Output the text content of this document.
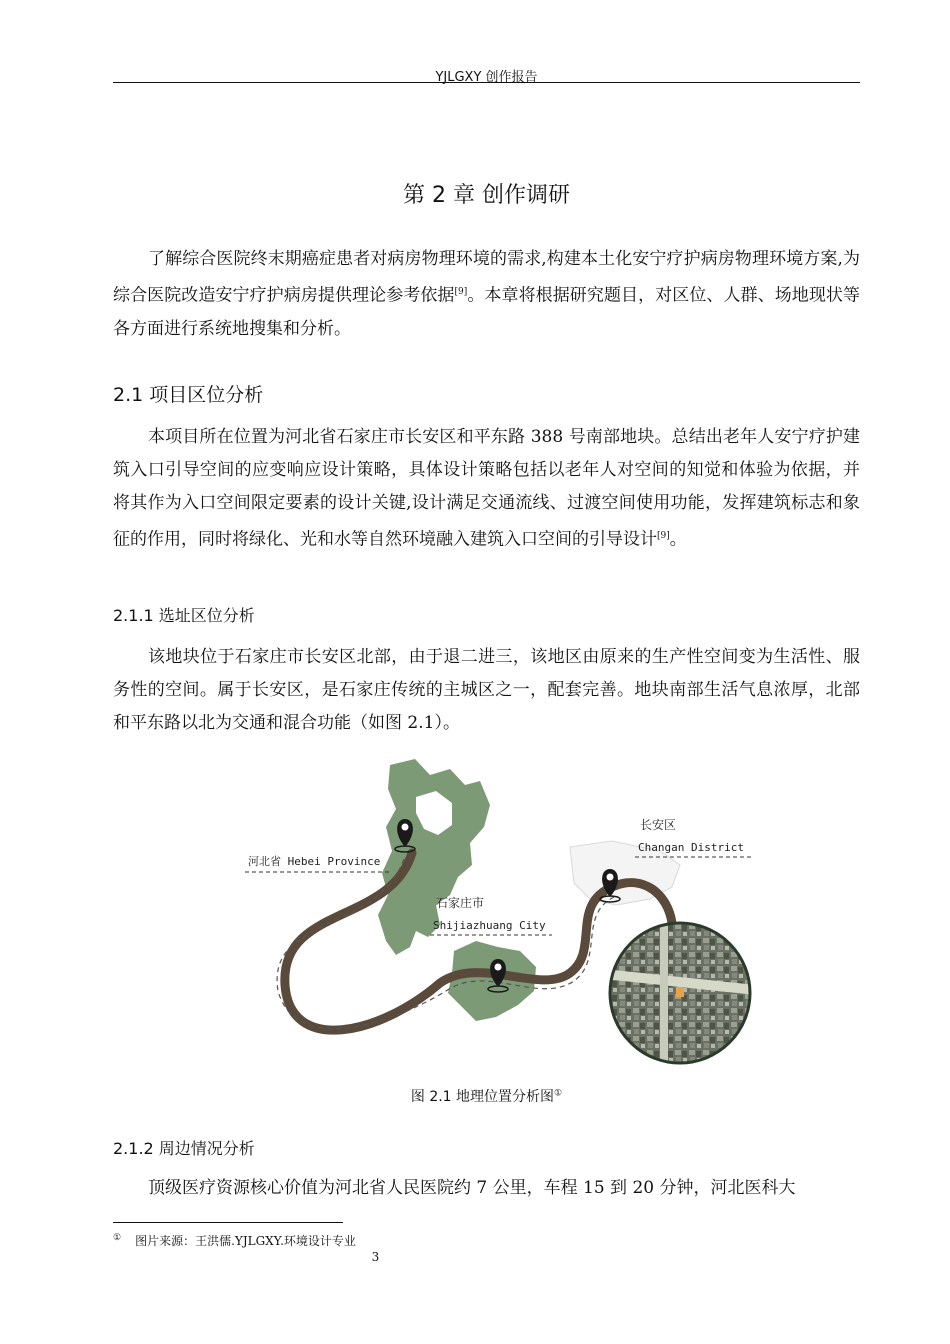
YJLGXY 创作报告
第 2 章 创作调研

了解综合医院终末期癌症患者对病房物理环境的需求,构建本土化安宁疗护病房物理环境方案,为综合医院改造安宁疗护病房提供理论参考依据[9]。本章将根据研究题目，对区位、人群、场地现状等各方面进行系统地搜集和分析。

2.1 项目区位分析

本项目所在位置为河北省石家庄市长安区和平东路 388 号南部地块。总结出老年人安宁疗护建筑入口引导空间的应变响应设计策略，具体设计策略包括以老年人对空间的知觉和体验为依据，并将其作为入口空间限定要素的设计关键,设计满足交通流线、过渡空间使用功能，发挥建筑标志和象征的作用，同时将绿化、光和水等自然环境融入建筑入口空间的引导设计[9]。

2.1.1 选址区位分析

该地块位于石家庄市长安区北部，由于退二进三，该地区由原来的生产性空间变为生活性、服务性的空间。属于长安区，是石家庄传统的主城区之一，配套完善。地块南部生活气息浓厚，北部和平东路以北为交通和混合功能（如图 2.1）。

河北省 Hebei Province
石家庄市
Shijiazhuang City
长安区
Changan District
图 2.1 地理位置分析图①
2.1.2 周边情况分析

顶级医疗资源核心价值为河北省人民医院约 7 公里，车程 15 到 20 分钟，河北医科大

① 图片来源：王洪儒.YJLGXY.环境设计专业
3
